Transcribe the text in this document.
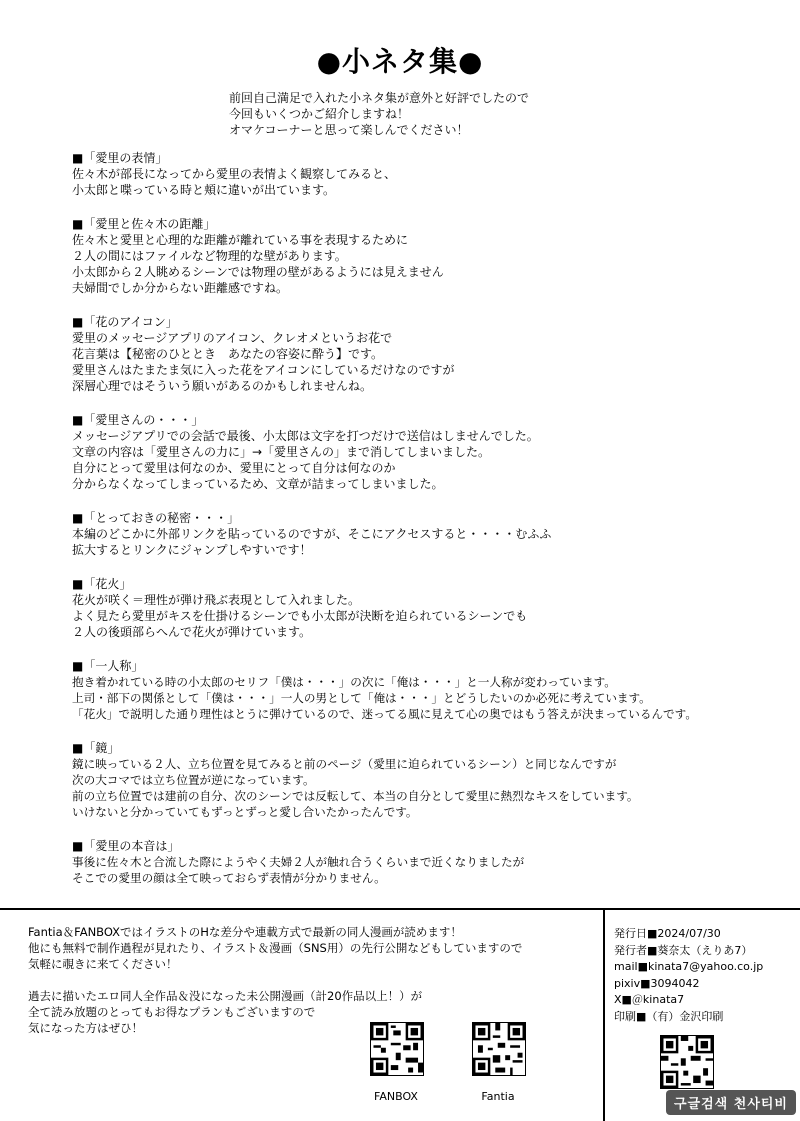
●小ネタ集●
前回自己満足で入れた小ネタ集が意外と好評でしたので
今回もいくつかご紹介しますね！
オマケコーナーと思って楽しんでください！
■「愛里の表情」
佐々木が部長になってから愛里の表情よく観察してみると、
小太郎と喋っている時と頬に違いが出ています。
■「愛里と佐々木の距離」
佐々木と愛里と心理的な距離が離れている事を表現するために
２人の間にはファイルなど物理的な壁があります。
小太郎から２人眺めるシーンでは物理の壁があるようには見えません
夫婦間でしか分からない距離感ですね。
■「花のアイコン」
愛里のメッセージアプリのアイコン、クレオメというお花で
花言葉は【秘密のひととき　あなたの容姿に酔う】です。
愛里さんはたまたま気に入った花をアイコンにしているだけなのですが
深層心理ではそういう願いがあるのかもしれませんね。
■「愛里さんの・・・」
メッセージアプリでの会話で最後、小太郎は文字を打つだけで送信はしませんでした。
文章の内容は「愛里さんの力に」→「愛里さんの」まで消してしまいました。
自分にとって愛里は何なのか、愛里にとって自分は何なのか
分からなくなってしまっているため、文章が詰まってしまいました。
■「とっておきの秘密・・・」
本編のどこかに外部リンクを貼っているのですが、そこにアクセスすると・・・・むふふ
拡大するとリンクにジャンプしやすいです！
■「花火」
花火が咲く＝理性が弾け飛ぶ表現として入れました。
よく見たら愛里がキスを仕掛けるシーンでも小太郎が決断を迫られているシーンでも
２人の後頭部らへんで花火が弾けています。
■「一人称」
抱き着かれている時の小太郎のセリフ「僕は・・・」の次に「俺は・・・」と一人称が変わっています。
上司・部下の関係として「僕は・・・」一人の男として「俺は・・・」とどうしたいのか必死に考えています。
「花火」で説明した通り理性はとうに弾けているので、迷ってる風に見えて心の奥ではもう答えが決まっているんです。
■「鏡」
鏡に映っている２人、立ち位置を見てみると前のページ（愛里に迫られているシーン）と同じなんですが
次の大コマでは立ち位置が逆になっています。
前の立ち位置では建前の自分、次のシーンでは反転して、本当の自分として愛里に熱烈なキスをしています。
いけないと分かっていてもずっとずっと愛し合いたかったんです。
■「愛里の本音は」
事後に佐々木と合流した際にようやく夫婦２人が触れ合うくらいまで近くなりましたが
そこでの愛里の顔は全て映っておらず表情が分かりません。
Fantia＆FANBOXではイラストのHな差分や連載方式で最新の同人漫画が読めます！
他にも無料で制作過程が見れたり、イラスト＆漫画（SNS用）の先行公開などもしていますので
気軽に覗きに来てください！
過去に描いたエロ同人全作品＆没になった未公開漫画（計20作品以上！）が
全て読み放題のとってもお得なプランもございますので
気になった方はぜひ！
FANBOX	Fantia
発行日■2024/07/30
発行者■葵奈太（えりあ7）
mail■kinata7@yahoo.co.jp
pixiv■3094042
X■＠kinata7
印刷■（有）金沢印刷
구글검색 천사티비
